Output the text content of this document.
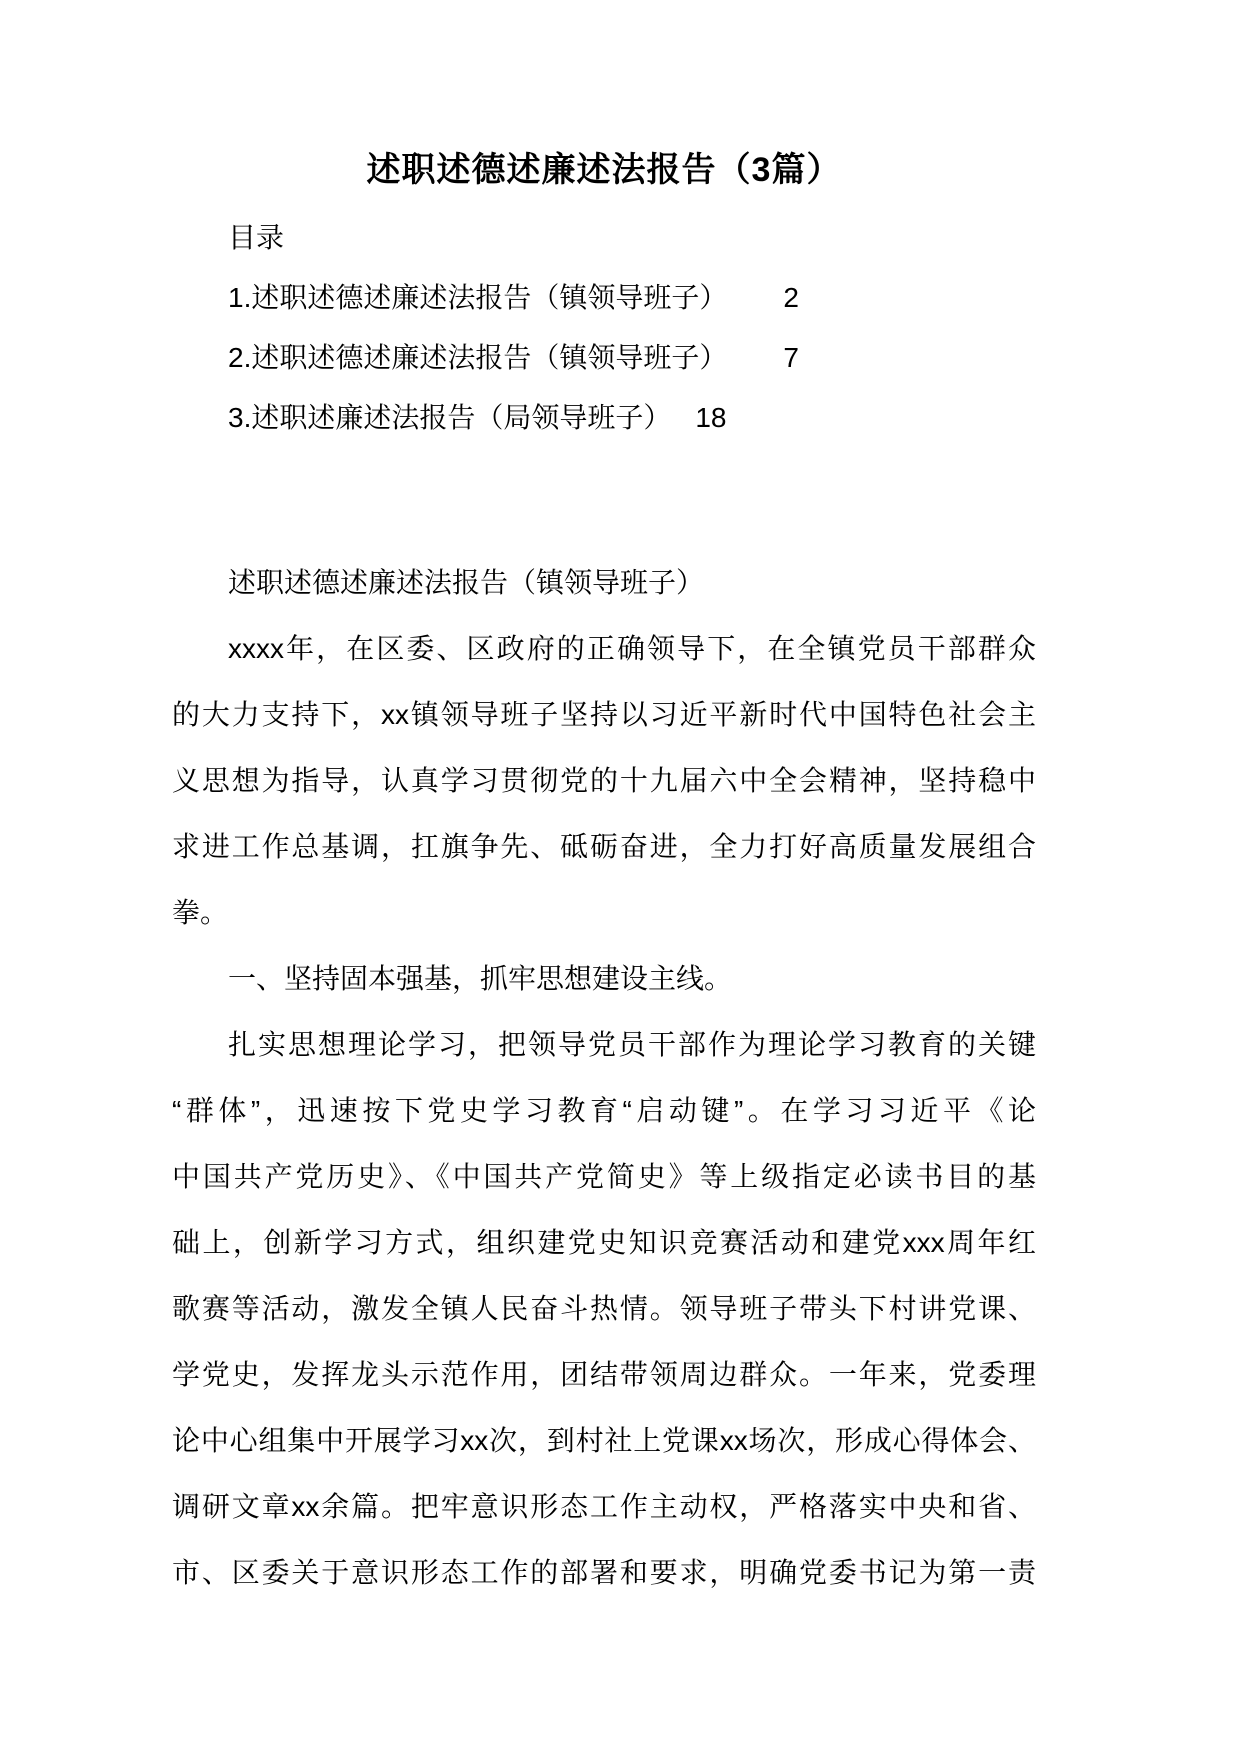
述职述德述廉述法报告（3篇）
目录
1.述职述德述廉述法报告（镇领导班子） 2
2.述职述德述廉述法报告（镇领导班子） 7
3.述职述廉述法报告（局领导班子） 18
述职述德述廉述法报告（镇领导班子）
xxxx年，在区委、区政府的正确领导下，在全镇党员干部群众
的大力支持下，xx镇领导班子坚持以习近平新时代中国特色社会主
义思想为指导，认真学习贯彻党的十九届六中全会精神，坚持稳中
求进工作总基调，扛旗争先、砥砺奋进，全力打好高质量发展组合
拳。
一、坚持固本强基，抓牢思想建设主线。
扎实思想理论学习，把领导党员干部作为理论学习教育的关键
“群体”，迅速按下党史学习教育“启动键”。在学习习近平《论
中国共产党历史》、《中国共产党简史》等上级指定必读书目的基
础上，创新学习方式，组织建党史知识竞赛活动和建党xxx周年红
歌赛等活动，激发全镇人民奋斗热情。领导班子带头下村讲党课、
学党史，发挥龙头示范作用，团结带领周边群众。一年来，党委理
论中心组集中开展学习xx次，到村社上党课xx场次，形成心得体会、
调研文章xx余篇。把牢意识形态工作主动权，严格落实中央和省、
市、区委关于意识形态工作的部署和要求，明确党委书记为第一责
